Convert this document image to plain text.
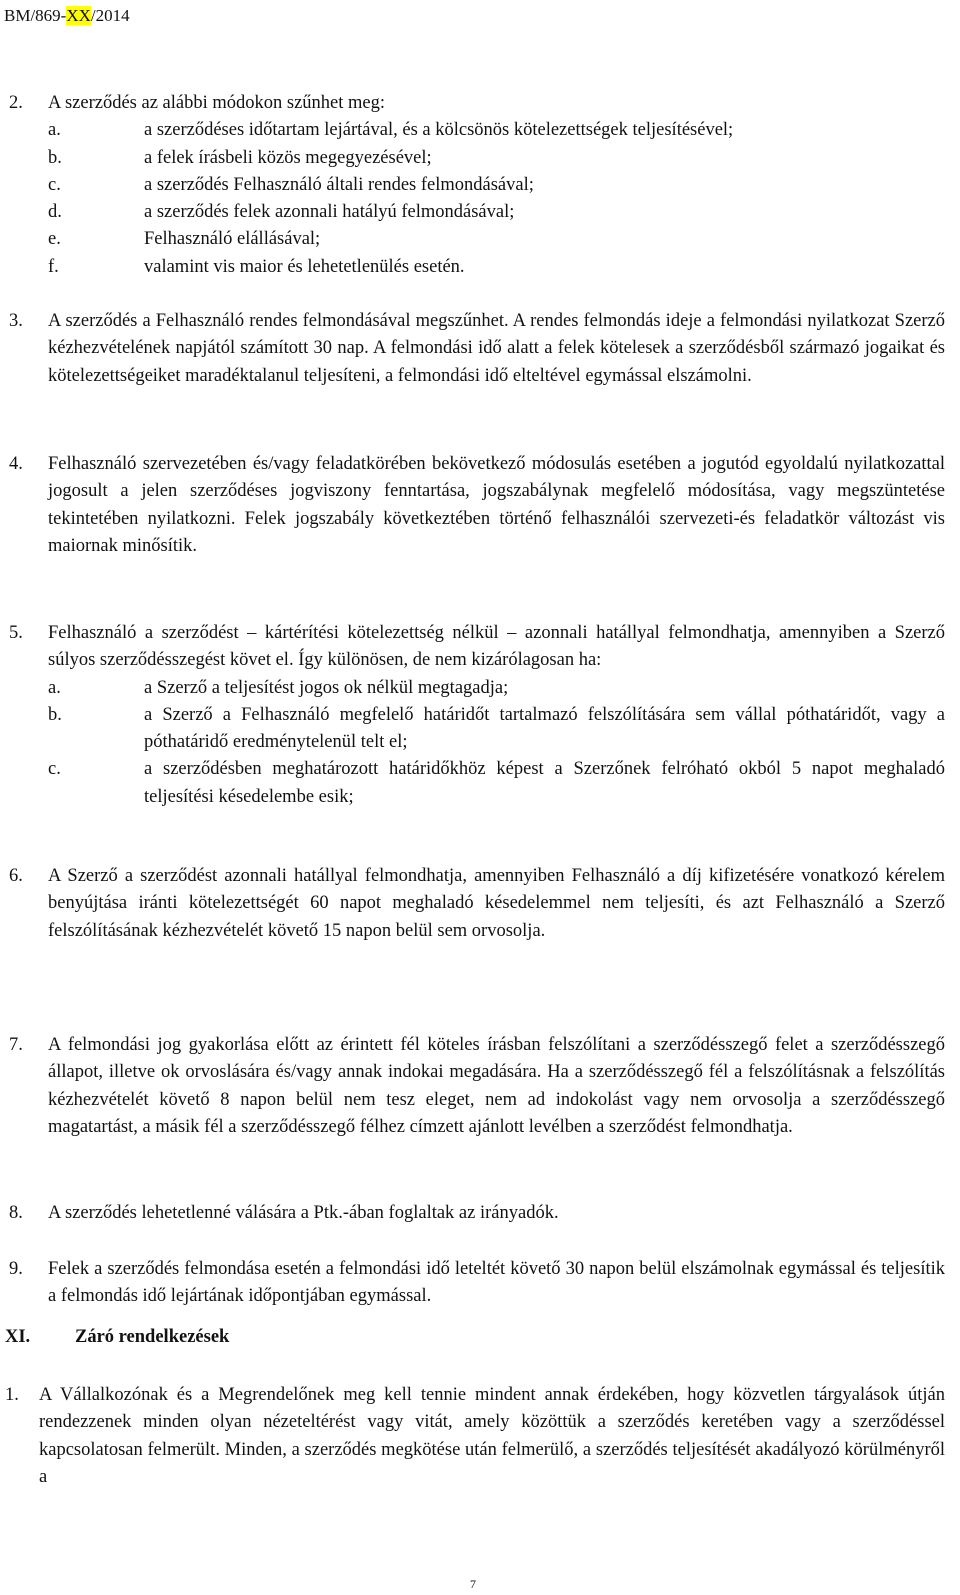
BM/869-XX/2014
2.	A szerződés az alábbi módokon szűnhet meg:
a.	a szerződéses időtartam lejártával, és a kölcsönös kötelezettségek teljesítésével;
b.	a felek írásbeli közös megegyezésével;
c.	a szerződés Felhasználó általi rendes felmondásával;
d.	a szerződés felek azonnali hatályú felmondásával;
e.	Felhasználó elállásával;
f.	valamint vis maior és lehetetlenülés esetén.
3.	A szerződés a Felhasználó rendes felmondásával megszűnhet. A rendes felmondás ideje a felmondási nyilatkozat Szerző kézhezvételének napjától számított 30 nap. A felmondási idő alatt a felek kötelesek a szerződésből származó jogaikat és kötelezettségeiket maradéktalanul teljesíteni, a felmondási idő elteltével egymással elszámolni.
4.	Felhasználó szervezetében és/vagy feladatkörében bekövetkező módosulás esetében a jogutód egyoldalú nyilatkozattal jogosult a jelen szerződéses jogviszony fenntartása, jogszabálynak megfelelő módosítása, vagy megszüntetése tekintetében nyilatkozni. Felek jogszabály következtében történő felhasználói szervezeti-és feladatkör változást vis maiornak minősítik.
5.	Felhasználó a szerződést – kártérítési kötelezettség nélkül – azonnali hatállyal felmondhatja, amennyiben a Szerző súlyos szerződésszegést követ el. Így különösen, de nem kizárólagosan ha:
a.	a Szerző a teljesítést jogos ok nélkül megtagadja;
b.	a Szerző a Felhasználó megfelelő határidőt tartalmazó felszólítására sem vállal póthatáridőt, vagy a póthatáridő eredménytelenül telt el;
c.	a szerződésben meghatározott határidőkhöz képest a Szerzőnek felróható okból 5 napot meghaladó teljesítési késedelembe esik;
6.	A Szerző a szerződést azonnali hatállyal felmondhatja, amennyiben Felhasználó a díj kifizetésére vonatkozó kérelem benyújtása iránti kötelezettségét 60 napot meghaladó késedelemmel nem teljesíti, és azt Felhasználó a Szerző felszólításának kézhezvételét követő 15 napon belül sem orvosolja.
7.	A felmondási jog gyakorlása előtt az érintett fél köteles írásban felszólítani a szerződésszegő felet a szerződésszegő állapot, illetve ok orvoslására és/vagy annak indokai megadására. Ha a szerződésszegő fél a felszólításnak a felszólítás kézhezvételét követő 8 napon belül nem tesz eleget, nem ad indokolást vagy nem orvosolja a szerződésszegő magatartást, a másik fél a szerződésszegő félhez címzett ajánlott levélben a szerződést felmondhatja.
8.	A szerződés lehetetlenné válására a Ptk.-ában foglaltak az irányadók.
9.	Felek a szerződés felmondása esetén a felmondási idő leteltét követő 30 napon belül elszámolnak egymással és teljesítik a felmondás idő lejártának időpontjában egymással.
XI. Záró rendelkezések
1.	A Vállalkozónak és a Megrendelőnek meg kell tennie mindent annak érdekében, hogy közvetlen tárgyalások útján rendezzenek minden olyan nézeteltérést vagy vitát, amely közöttük a szerződés keretében vagy a szerződéssel kapcsolatosan felmerült. Minden, a szerződés megkötése után felmerülő, a szerződés teljesítését akadályozó körülményről a
7
